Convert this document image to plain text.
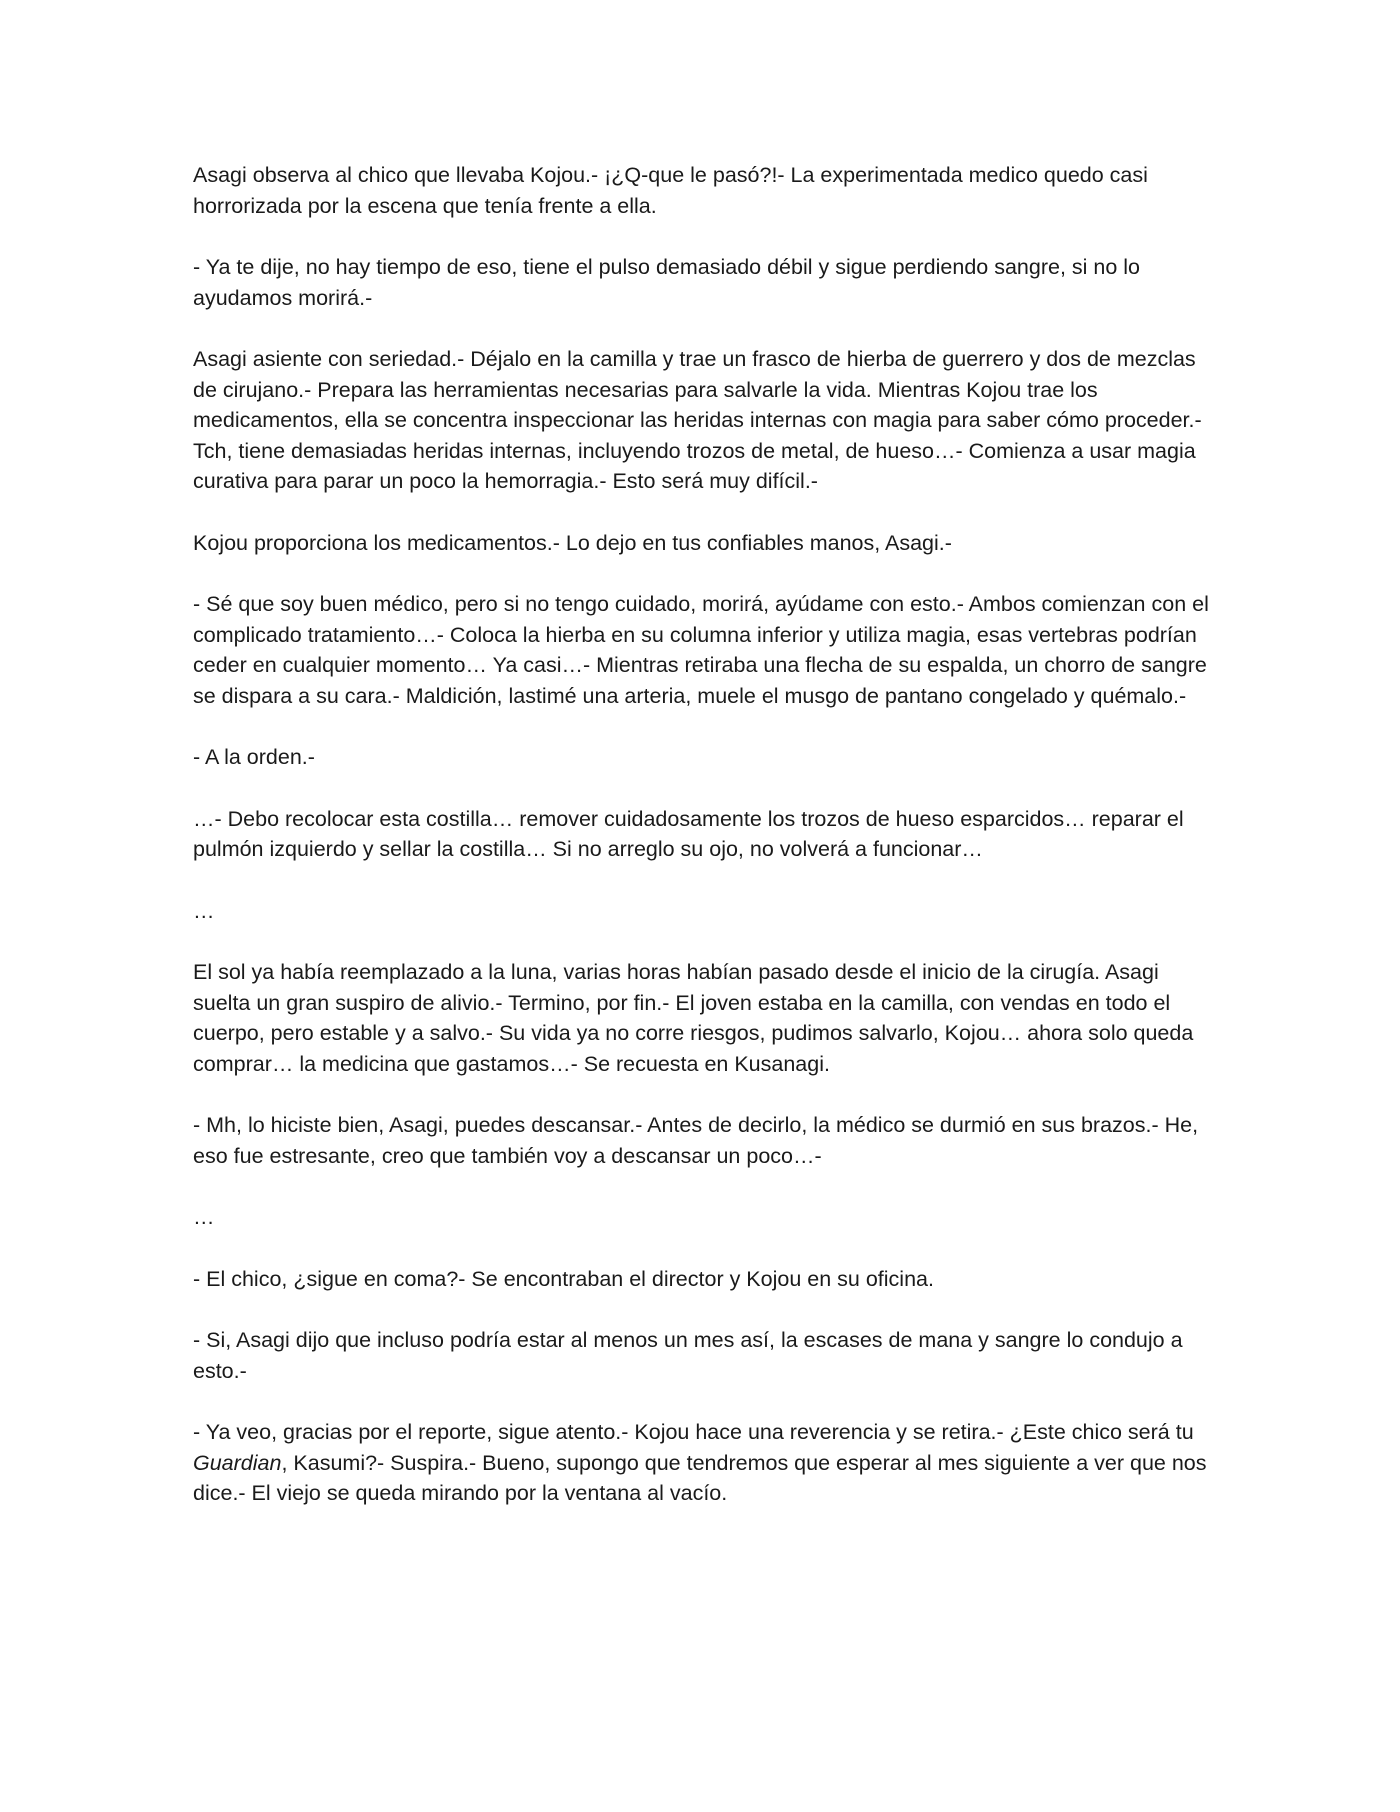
Asagi observa al chico que llevaba Kojou.- ¡¿Q-que le pasó?!- La experimentada medico quedo casi horrorizada por la escena que tenía frente a ella.

- Ya te dije, no hay tiempo de eso, tiene el pulso demasiado débil y sigue perdiendo sangre, si no lo ayudamos morirá.-

Asagi asiente con seriedad.- Déjalo en la camilla y trae un frasco de hierba de guerrero y dos de mezclas de cirujano.- Prepara las herramientas necesarias para salvarle la vida. Mientras Kojou trae los medicamentos, ella se concentra inspeccionar las heridas internas con magia para saber cómo proceder.- Tch, tiene demasiadas heridas internas, incluyendo trozos de metal, de hueso…- Comienza a usar magia curativa para parar un poco la hemorragia.- Esto será muy difícil.-

Kojou proporciona los medicamentos.- Lo dejo en tus confiables manos, Asagi.-

- Sé que soy buen médico, pero si no tengo cuidado, morirá, ayúdame con esto.- Ambos comienzan con el complicado tratamiento…- Coloca la hierba en su columna inferior y utiliza magia, esas vertebras podrían ceder en cualquier momento… Ya casi…- Mientras retiraba una flecha de su espalda, un chorro de sangre se dispara a su cara.- Maldición, lastimé una arteria, muele el musgo de pantano congelado y quémalo.-

- A la orden.-

…- Debo recolocar esta costilla… remover cuidadosamente los trozos de hueso esparcidos… reparar el pulmón izquierdo y sellar la costilla… Si no arreglo su ojo, no volverá a funcionar…

…

El sol ya había reemplazado a la luna, varias horas habían pasado desde el inicio de la cirugía. Asagi suelta un gran suspiro de alivio.- Termino, por fin.- El joven estaba en la camilla, con vendas en todo el cuerpo, pero estable y a salvo.- Su vida ya no corre riesgos, pudimos salvarlo, Kojou… ahora solo queda comprar… la medicina que gastamos…- Se recuesta en Kusanagi.

- Mh, lo hiciste bien, Asagi, puedes descansar.- Antes de decirlo, la médico se durmió en sus brazos.- He, eso fue estresante, creo que también voy a descansar un poco…-

…

- El chico, ¿sigue en coma?- Se encontraban el director y Kojou en su oficina.

- Si, Asagi dijo que incluso podría estar al menos un mes así, la escases de mana y sangre lo condujo a esto.-

- Ya veo, gracias por el reporte, sigue atento.- Kojou hace una reverencia y se retira.- ¿Este chico será tu Guardian, Kasumi?- Suspira.- Bueno, supongo que tendremos que esperar al mes siguiente a ver que nos dice.- El viejo se queda mirando por la ventana al vacío.
